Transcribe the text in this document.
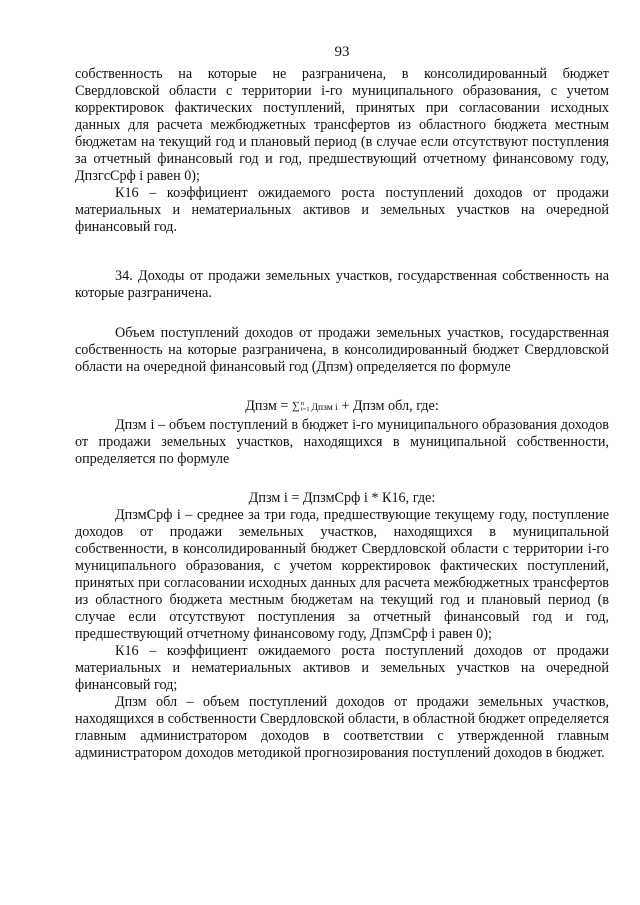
93

собственность на которые не разграничена, в консолидированный бюджет Свердловской области с территории i-го муниципального образования, с учетом корректировок фактических поступлений, принятых при согласовании исходных данных для расчета межбюджетных трансфертов из областного бюджета местным бюджетам на текущий год и плановый период (в случае если отсутствуют поступления за отчетный финансовый год и год, предшествующий отчетному финансовому году, ДпзгсСрф i равен 0);

К16 – коэффициент ожидаемого роста поступлений доходов от продажи материальных и нематериальных активов и земельных участков на очередной финансовый год.

34. Доходы от продажи земельных участков, государственная собственность на которые разграничена.

Объем поступлений доходов от продажи земельных участков, государственная собственность на которые разграничена, в консолидированный бюджет Свердловской области на очередной финансовый год (Дпзм) определяется по формуле

Дпзм = ∑ n
i=1 Дпзм i + Дпзм обл, где:

Дпзм i – объем поступлений в бюджет i-го муниципального образования доходов от продажи земельных участков, находящихся в муниципальной собственности, определяется по формуле

Дпзм i = ДпзмСрф i * К16, где:

ДпзмСрф i – среднее за три года, предшествующие текущему году, поступление доходов от продажи земельных участков, находящихся в муниципальной собственности, в консолидированный бюджет Свердловской области с территории i-го муниципального образования, с учетом корректировок фактических поступлений, принятых при согласовании исходных данных для расчета межбюджетных трансфертов из областного бюджета местным бюджетам на текущий год и плановый период (в случае если отсутствуют поступления за отчетный финансовый год и год, предшествующий отчетному финансовому году, ДпзмСрф i равен 0);

К16 – коэффициент ожидаемого роста поступлений доходов от продажи материальных и нематериальных активов и земельных участков на очередной финансовый год;

Дпзм обл – объем поступлений доходов от продажи земельных участков, находящихся в собственности Свердловской области, в областной бюджет определяется главным администратором доходов в соответствии с утвержденной главным администратором доходов методикой прогнозирования поступлений доходов в бюджет.
